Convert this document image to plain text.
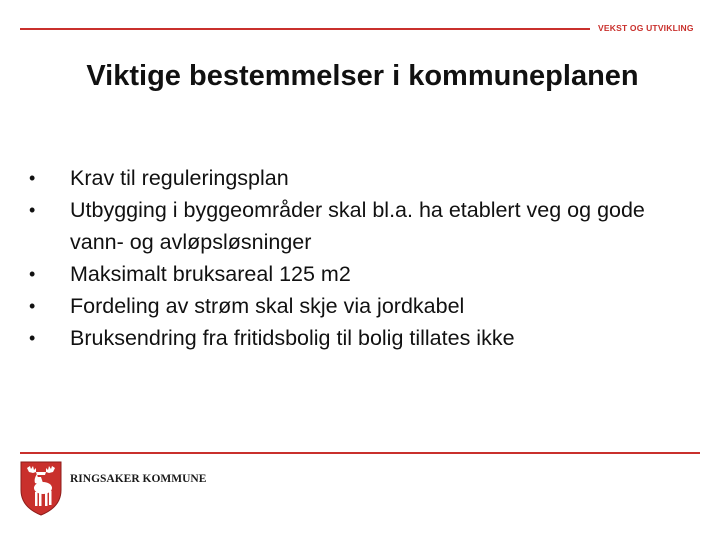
VEKST OG UTVIKLING
Viktige bestemmelser i kommuneplanen
• Krav til reguleringsplan
• Utbygging i byggeområder skal bl.a. ha etablert veg og gode vann- og avløpsløsninger
• Maksimalt bruksareal 125 m2
• Fordeling av strøm skal skje via jordkabel
• Bruksendring fra fritidsbolig til bolig tillates ikke
RINGSAKER KOMMUNE
